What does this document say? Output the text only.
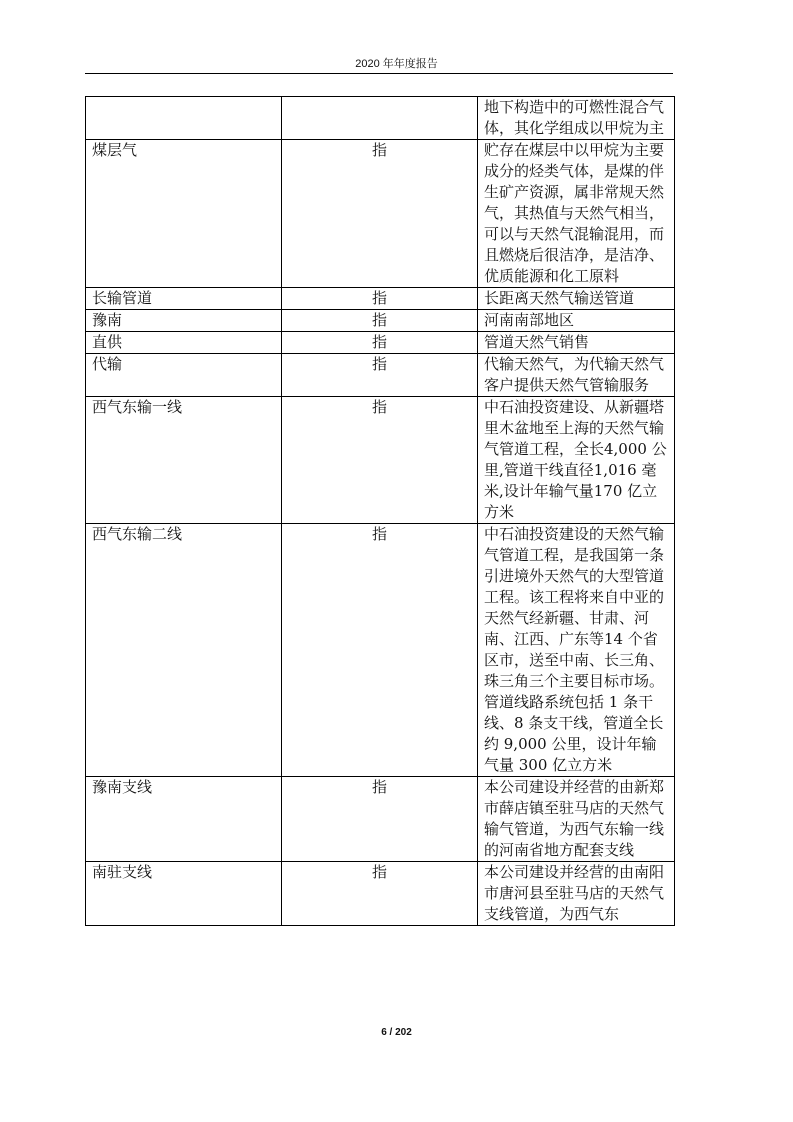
2020 年年度报告
		地下构造中的可燃性混合气体，其化学组成以甲烷为主
煤层气	指	贮存在煤层中以甲烷为主要成分的烃类气体，是煤的伴生矿产资源，属非常规天然气，其热值与天然气相当，可以与天然气混输混用，而且燃烧后很洁净，是洁净、优质能源和化工原料
长输管道	指	长距离天然气输送管道
豫南	指	河南南部地区
直供	指	管道天然气销售
代输	指	代输天然气，为代输天然气客户提供天然气管输服务
西气东输一线	指	中石油投资建设、从新疆塔里木盆地至上海的天然气输气管道工程，全长4,000 公里,管道干线直径1,016 毫米,设计年输气量170 亿立方米
西气东输二线	指	中石油投资建设的天然气输气管道工程，是我国第一条引进境外天然气的大型管道工程。该工程将来自中亚的天然气经新疆、甘肃、河南、江西、广东等14 个省区市，送至中南、长三角、珠三角三个主要目标市场。管道线路系统包括 1 条干线、8 条支干线，管道全长约 9,000 公里，设计年输气量 300 亿立方米
豫南支线	指	本公司建设并经营的由新郑市薛店镇至驻马店的天然气输气管道，为西气东输一线的河南省地方配套支线
南驻支线	指	本公司建设并经营的由南阳市唐河县至驻马店的天然气支线管道，为西气东
6 / 202
